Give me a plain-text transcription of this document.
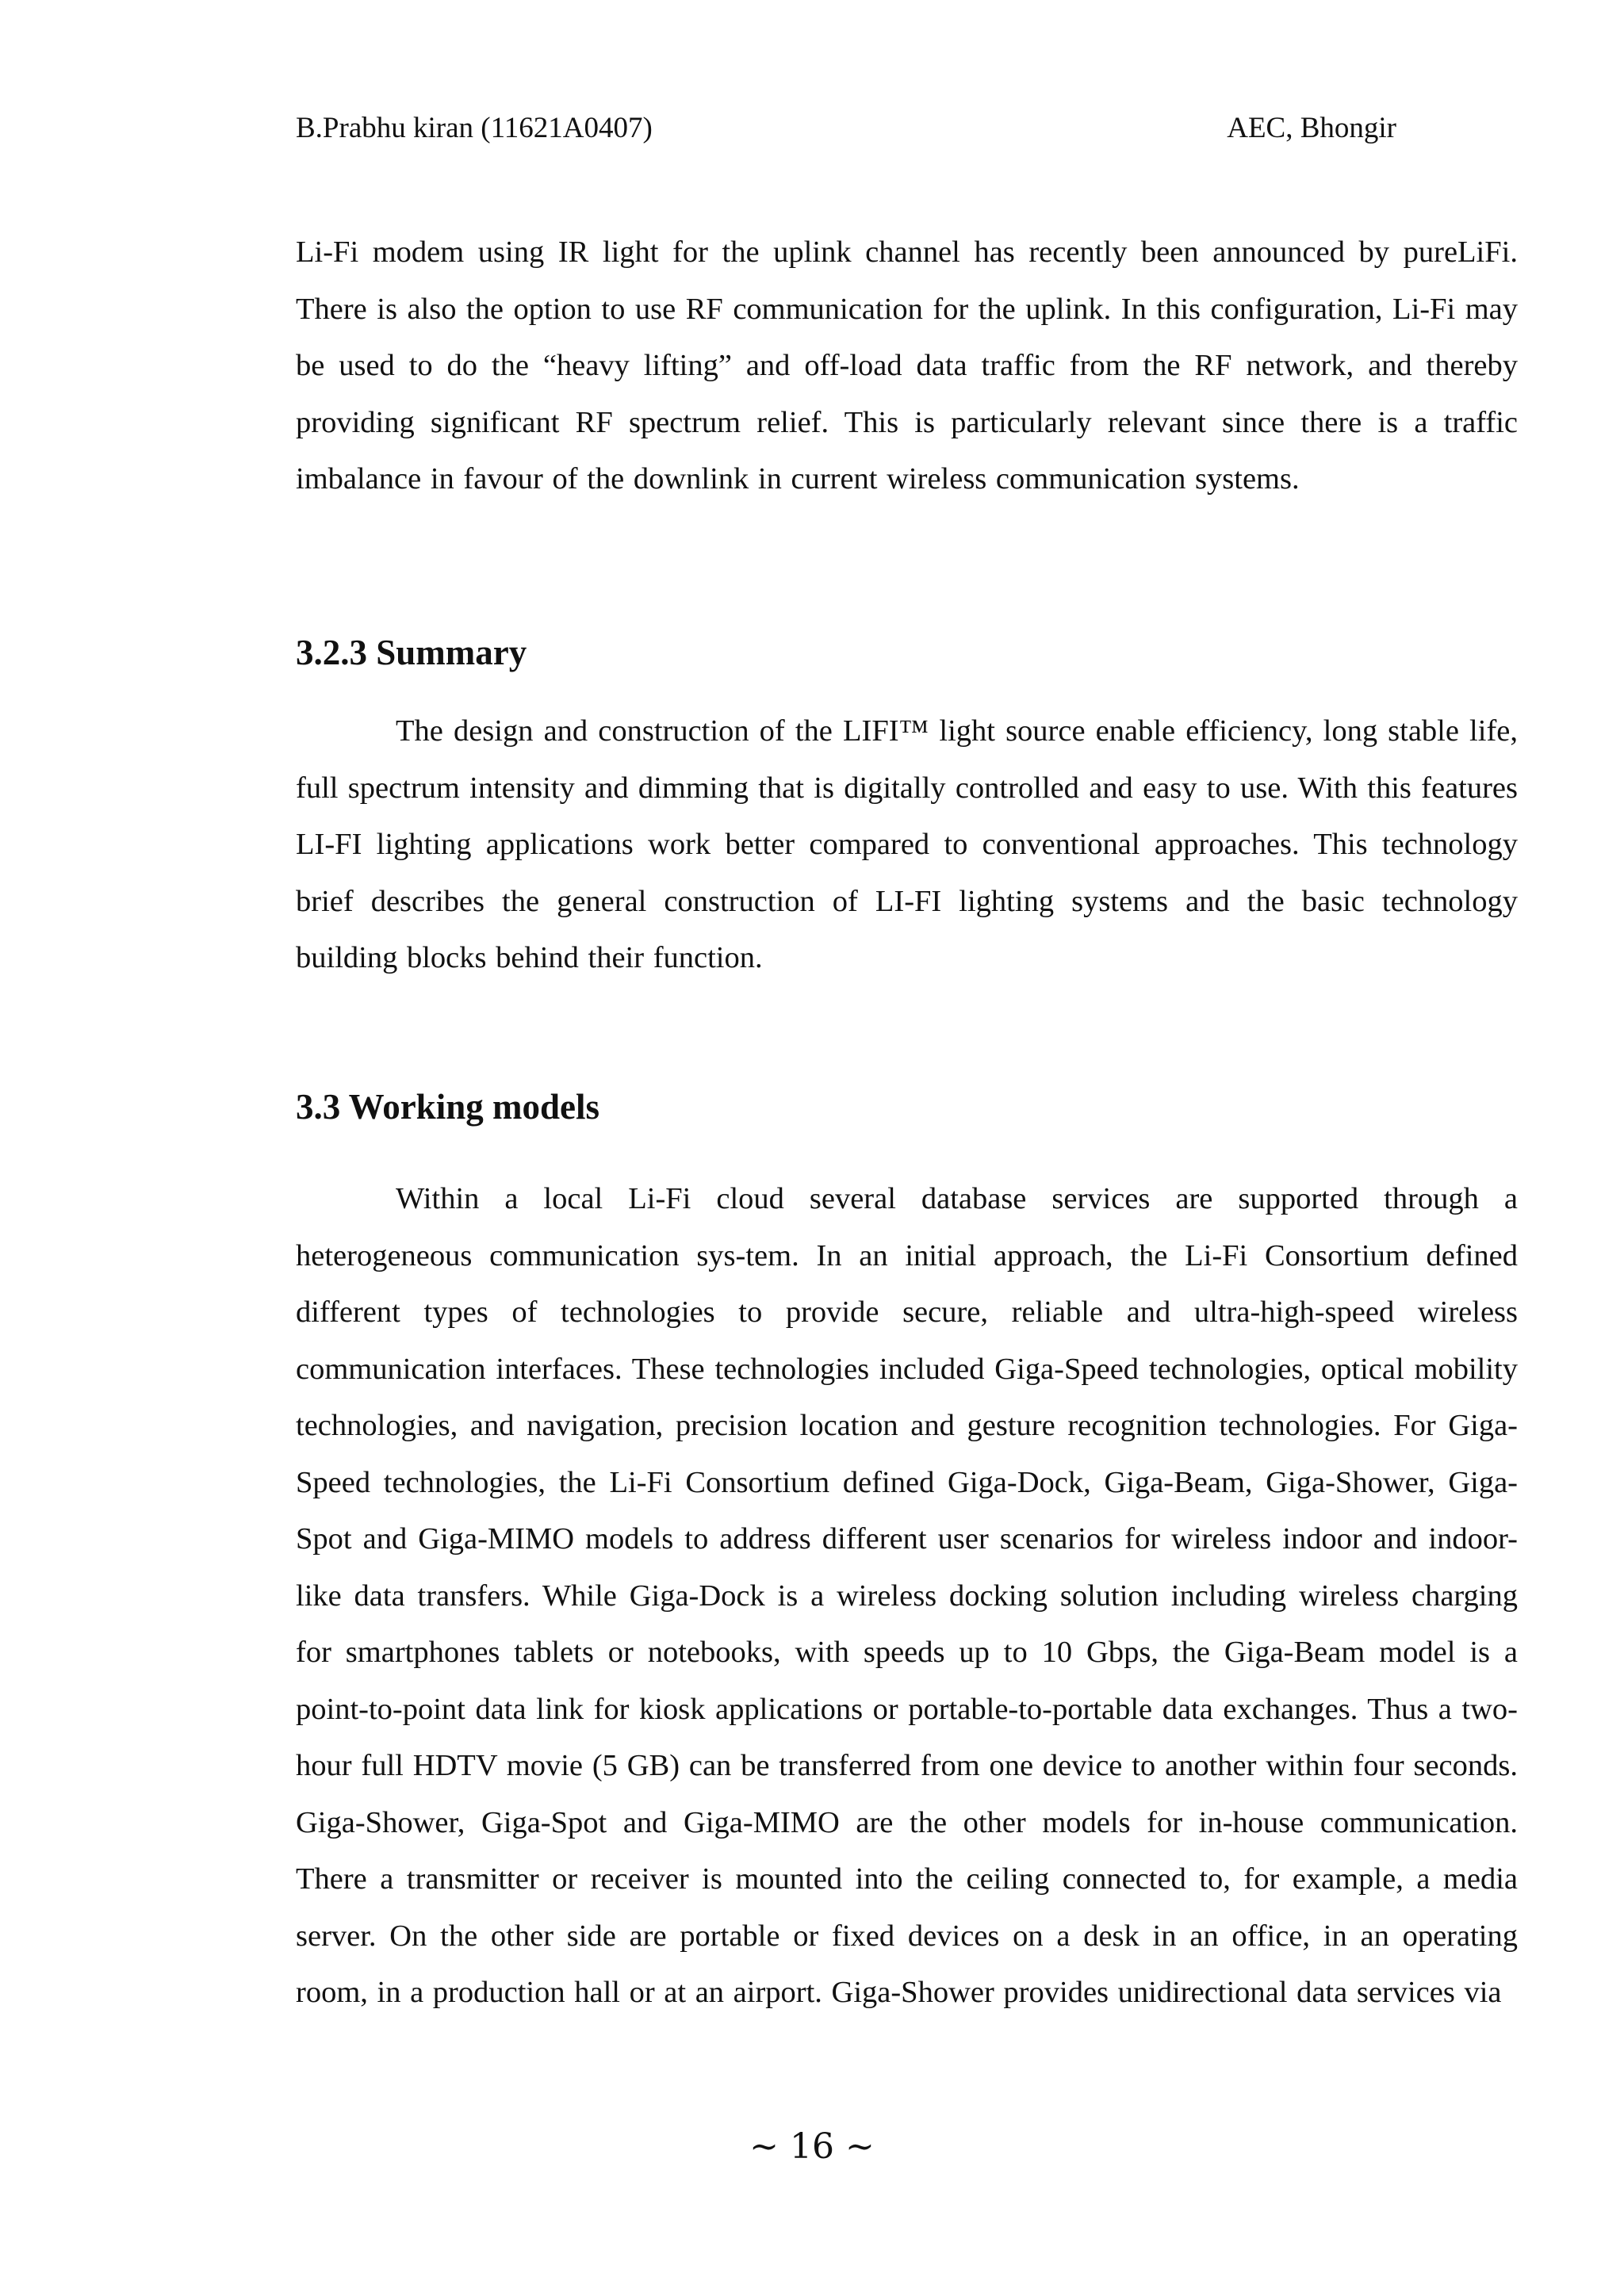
B.Prabhu kiran (11621A0407)	AEC, Bhongir

Li-Fi modem using IR light for the uplink channel has recently been announced by pureLiFi. There is also the option to use RF communication for the uplink. In this configuration, Li-Fi may be used to do the “heavy lifting” and off-load data traffic from the RF network, and thereby providing significant RF spectrum relief. This is particularly relevant since there is a traffic imbalance in favour of the downlink in current wireless communication systems.

3.2.3 Summary

The design and construction of the LIFI™ light source enable efficiency, long stable life, full spectrum intensity and dimming that is digitally controlled and easy to use. With this features LI-FI lighting applications work better compared to conventional approaches. This technology brief describes the general construction of LI-FI lighting systems and the basic technology building blocks behind their function.

3.3 Working models

Within a local Li-Fi cloud several database services are supported through a heterogeneous communication sys-tem. In an initial approach, the Li-Fi Consortium defined different types of technologies to provide secure, reliable and ultra-high-speed wireless communication interfaces. These technologies included Giga-Speed technologies, optical mobility technologies, and navigation, precision location and gesture recognition technologies. For Giga-Speed technologies, the Li-Fi Consortium defined Giga-Dock, Giga-Beam, Giga-Shower, Giga-Spot and Giga-MIMO models to address different user scenarios for wireless indoor and indoor-like data transfers. While Giga-Dock is a wireless docking solution including wireless charging for smartphones tablets or notebooks, with speeds up to 10 Gbps, the Giga-Beam model is a point-to-point data link for kiosk applications or portable-to-portable data exchanges. Thus a two-hour full HDTV movie (5 GB) can be transferred from one device to another within four seconds. Giga-Shower, Giga-Spot and Giga-MIMO are the other models for in-house communication. There a transmitter or receiver is mounted into the ceiling connected to, for example, a media server. On the other side are portable or fixed devices on a desk in an office, in an operating room, in a production hall or at an airport. Giga-Shower provides unidirectional data services via

~ 16 ~
